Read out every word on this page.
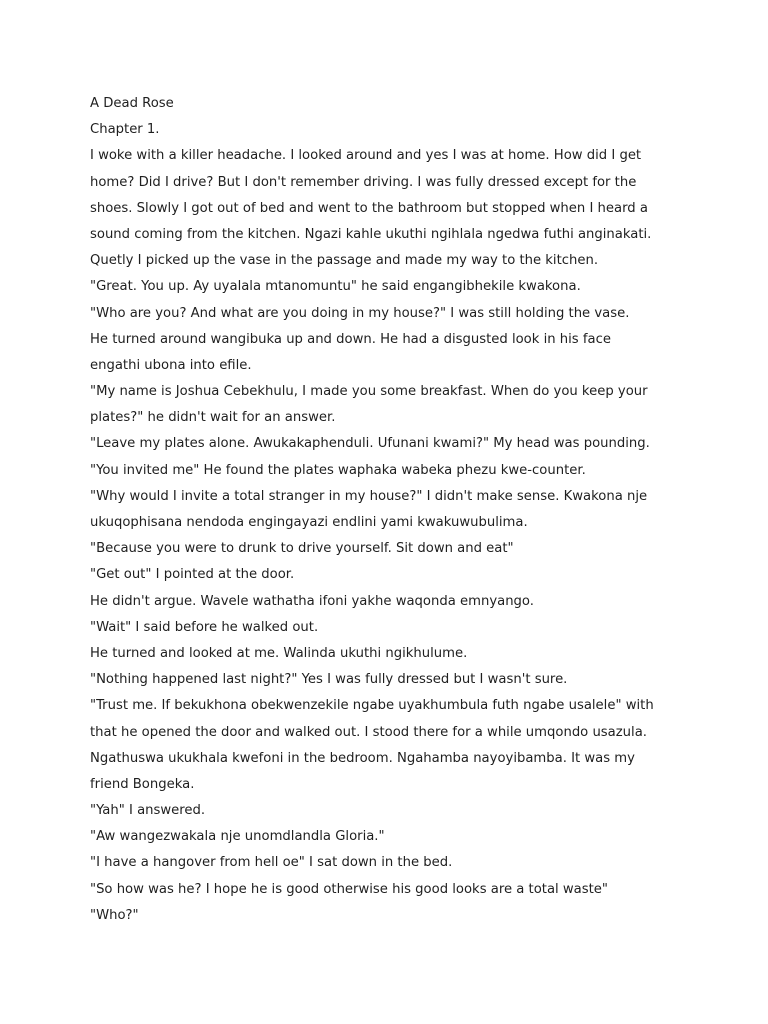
A Dead Rose
Chapter 1.
I woke with a killer headache. I looked around and yes I was at home. How did I get
home? Did I drive? But I don't remember driving. I was fully dressed except for the
shoes. Slowly I got out of bed and went to the bathroom but stopped when I heard a
sound coming from the kitchen. Ngazi kahle ukuthi ngihlala ngedwa futhi anginakati.
Quetly I picked up the vase in the passage and made my way to the kitchen.
"Great. You up. Ay uyalala mtanomuntu" he said engangibhekile kwakona.
"Who are you? And what are you doing in my house?" I was still holding the vase.
He turned around wangibuka up and down. He had a disgusted look in his face
engathi ubona into efile.
"My name is Joshua Cebekhulu, I made you some breakfast. When do you keep your
plates?" he didn't wait for an answer.
"Leave my plates alone. Awukakaphenduli. Ufunani kwami?" My head was pounding.
"You invited me" He found the plates waphaka wabeka phezu kwe-counter.
"Why would I invite a total stranger in my house?" I didn't make sense. Kwakona nje
ukuqophisana nendoda engingayazi endlini yami kwakuwubulima.
"Because you were to drunk to drive yourself. Sit down and eat"
"Get out" I pointed at the door.
He didn't argue. Wavele wathatha ifoni yakhe waqonda emnyango.
"Wait" I said before he walked out.
He turned and looked at me. Walinda ukuthi ngikhulume.
"Nothing happened last night?" Yes I was fully dressed but I wasn't sure.
"Trust me. If bekukhona obekwenzekile ngabe uyakhumbula futh ngabe usalele" with
that he opened the door and walked out. I stood there for a while umqondo usazula.
Ngathuswa ukukhala kwefoni in the bedroom. Ngahamba nayoyibamba. It was my
friend Bongeka.
"Yah" I answered.
"Aw wangezwakala nje unomdlandla Gloria."
"I have a hangover from hell oe" I sat down in the bed.
"So how was he? I hope he is good otherwise his good looks are a total waste"
"Who?"
